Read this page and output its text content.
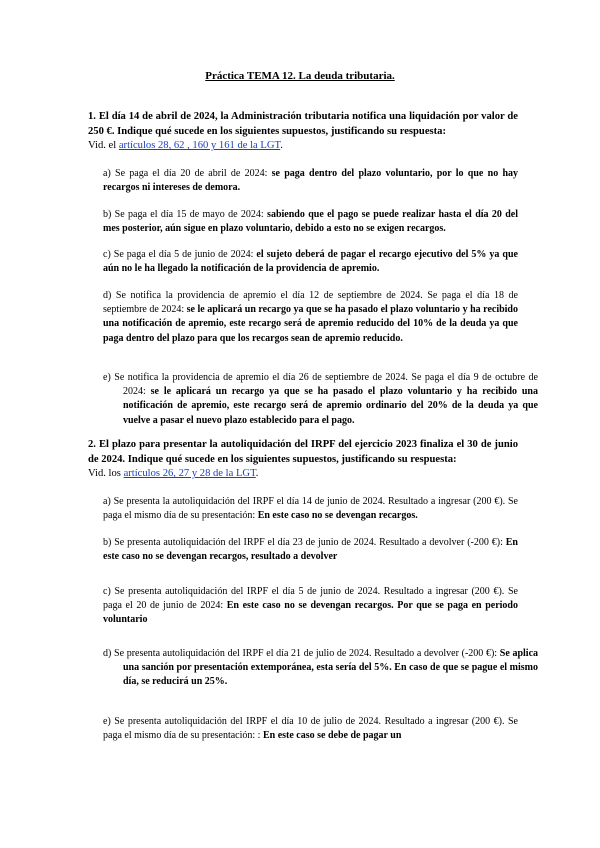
Práctica TEMA 12. La deuda tributaria.
1. El día 14 de abril de 2024, la Administración tributaria notifica una liquidación por valor de 250 €. Indique qué sucede en los siguientes supuestos, justificando su respuesta:
Vid. el artículos 28, 62 , 160 y 161 de la LGT.
a) Se paga el día 20 de abril de 2024: se paga dentro del plazo voluntario, por lo que no hay recargos ni intereses de demora.
b) Se paga el día 15 de mayo de 2024: sabiendo que el pago se puede realizar hasta el día 20 del mes posterior, aún sigue en plazo voluntario, debido a esto no se exigen recargos.
c) Se paga el día 5 de junio de 2024: el sujeto deberá de pagar el recargo ejecutivo del 5% ya que aún no le ha llegado la notificación de la providencia de apremio.
d) Se notifica la providencia de apremio el día 12 de septiembre de 2024. Se paga el día 18 de septiembre de 2024: se le aplicará un recargo ya que se ha pasado el plazo voluntario y ha recibido una notificación de apremio, este recargo será de apremio reducido del 10% de la deuda ya que paga dentro del plazo para que los recargos sean de apremio reducido.
e) Se notifica la providencia de apremio el día 26 de septiembre de 2024. Se paga el día 9 de octubre de 2024: se le aplicará un recargo ya que se ha pasado el plazo voluntario y ha recibido una notificación de apremio, este recargo será de apremio ordinario del 20% de la deuda ya que vuelve a pasar el nuevo plazo establecido para el pago.
2. El plazo para presentar la autoliquidación del IRPF del ejercicio 2023 finaliza el 30 de junio de 2024. Indique qué sucede en los siguientes supuestos, justificando su respuesta:
Vid. los artículos 26, 27 y 28 de la LGT.
a) Se presenta la autoliquidación del IRPF el día 14 de junio de 2024. Resultado a ingresar (200 €). Se paga el mismo día de su presentación: En este caso no se devengan recargos.
b) Se presenta autoliquidación del IRPF el día 23 de junio de 2024. Resultado a devolver (-200 €): En este caso no se devengan recargos, resultado a devolver
c) Se presenta autoliquidación del IRPF el día 5 de junio de 2024. Resultado a ingresar (200 €). Se paga el 20 de junio de 2024: En este caso no se devengan recargos. Por que se paga en periodo voluntario
d) Se presenta autoliquidación del IRPF el día 21 de julio de 2024. Resultado a devolver (-200 €): Se aplica una sanción por presentación extemporánea, esta sería del 5%. En caso de que se pague el mismo día, se reducirá un 25%.
e) Se presenta autoliquidación del IRPF el día 10 de julio de 2024. Resultado a ingresar (200 €). Se paga el mismo día de su presentación: : En este caso se debe de pagar un
